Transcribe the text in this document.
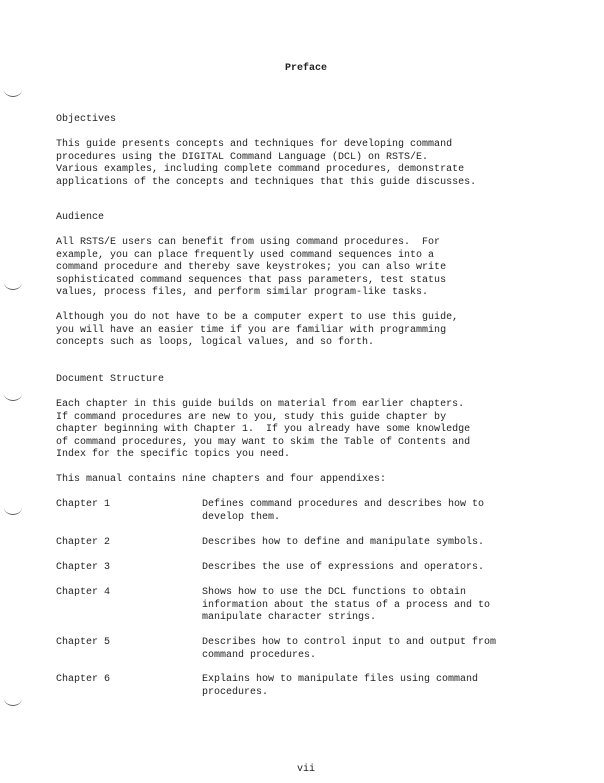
Preface
Objectives
This guide presents concepts and techniques for developing command
procedures using the DIGITAL Command Language (DCL) on RSTS/E.
Various examples, including complete command procedures, demonstrate
applications of the concepts and techniques that this guide discusses.
Audience
All RSTS/E users can benefit from using command procedures.  For
example, you can place frequently used command sequences into a
command procedure and thereby save keystrokes; you can also write
sophisticated command sequences that pass parameters, test status
values, process files, and perform similar program-like tasks.
Although you do not have to be a computer expert to use this guide,
you will have an easier time if you are familiar with programming
concepts such as loops, logical values, and so forth.
Document Structure
Each chapter in this guide builds on material from earlier chapters.
If command procedures are new to you, study this guide chapter by
chapter beginning with Chapter 1.  If you already have some knowledge
of command procedures, you may want to skim the Table of Contents and
Index for the specific topics you need.
This manual contains nine chapters and four appendixes:
Chapter 1	Defines command procedures and describes how to
develop them.
Chapter 2	Describes how to define and manipulate symbols.
Chapter 3	Describes the use of expressions and operators.
Chapter 4	Shows how to use the DCL functions to obtain
information about the status of a process and to
manipulate character strings.
Chapter 5	Describes how to control input to and output from
command procedures.
Chapter 6	Explains how to manipulate files using command
procedures.
vii
